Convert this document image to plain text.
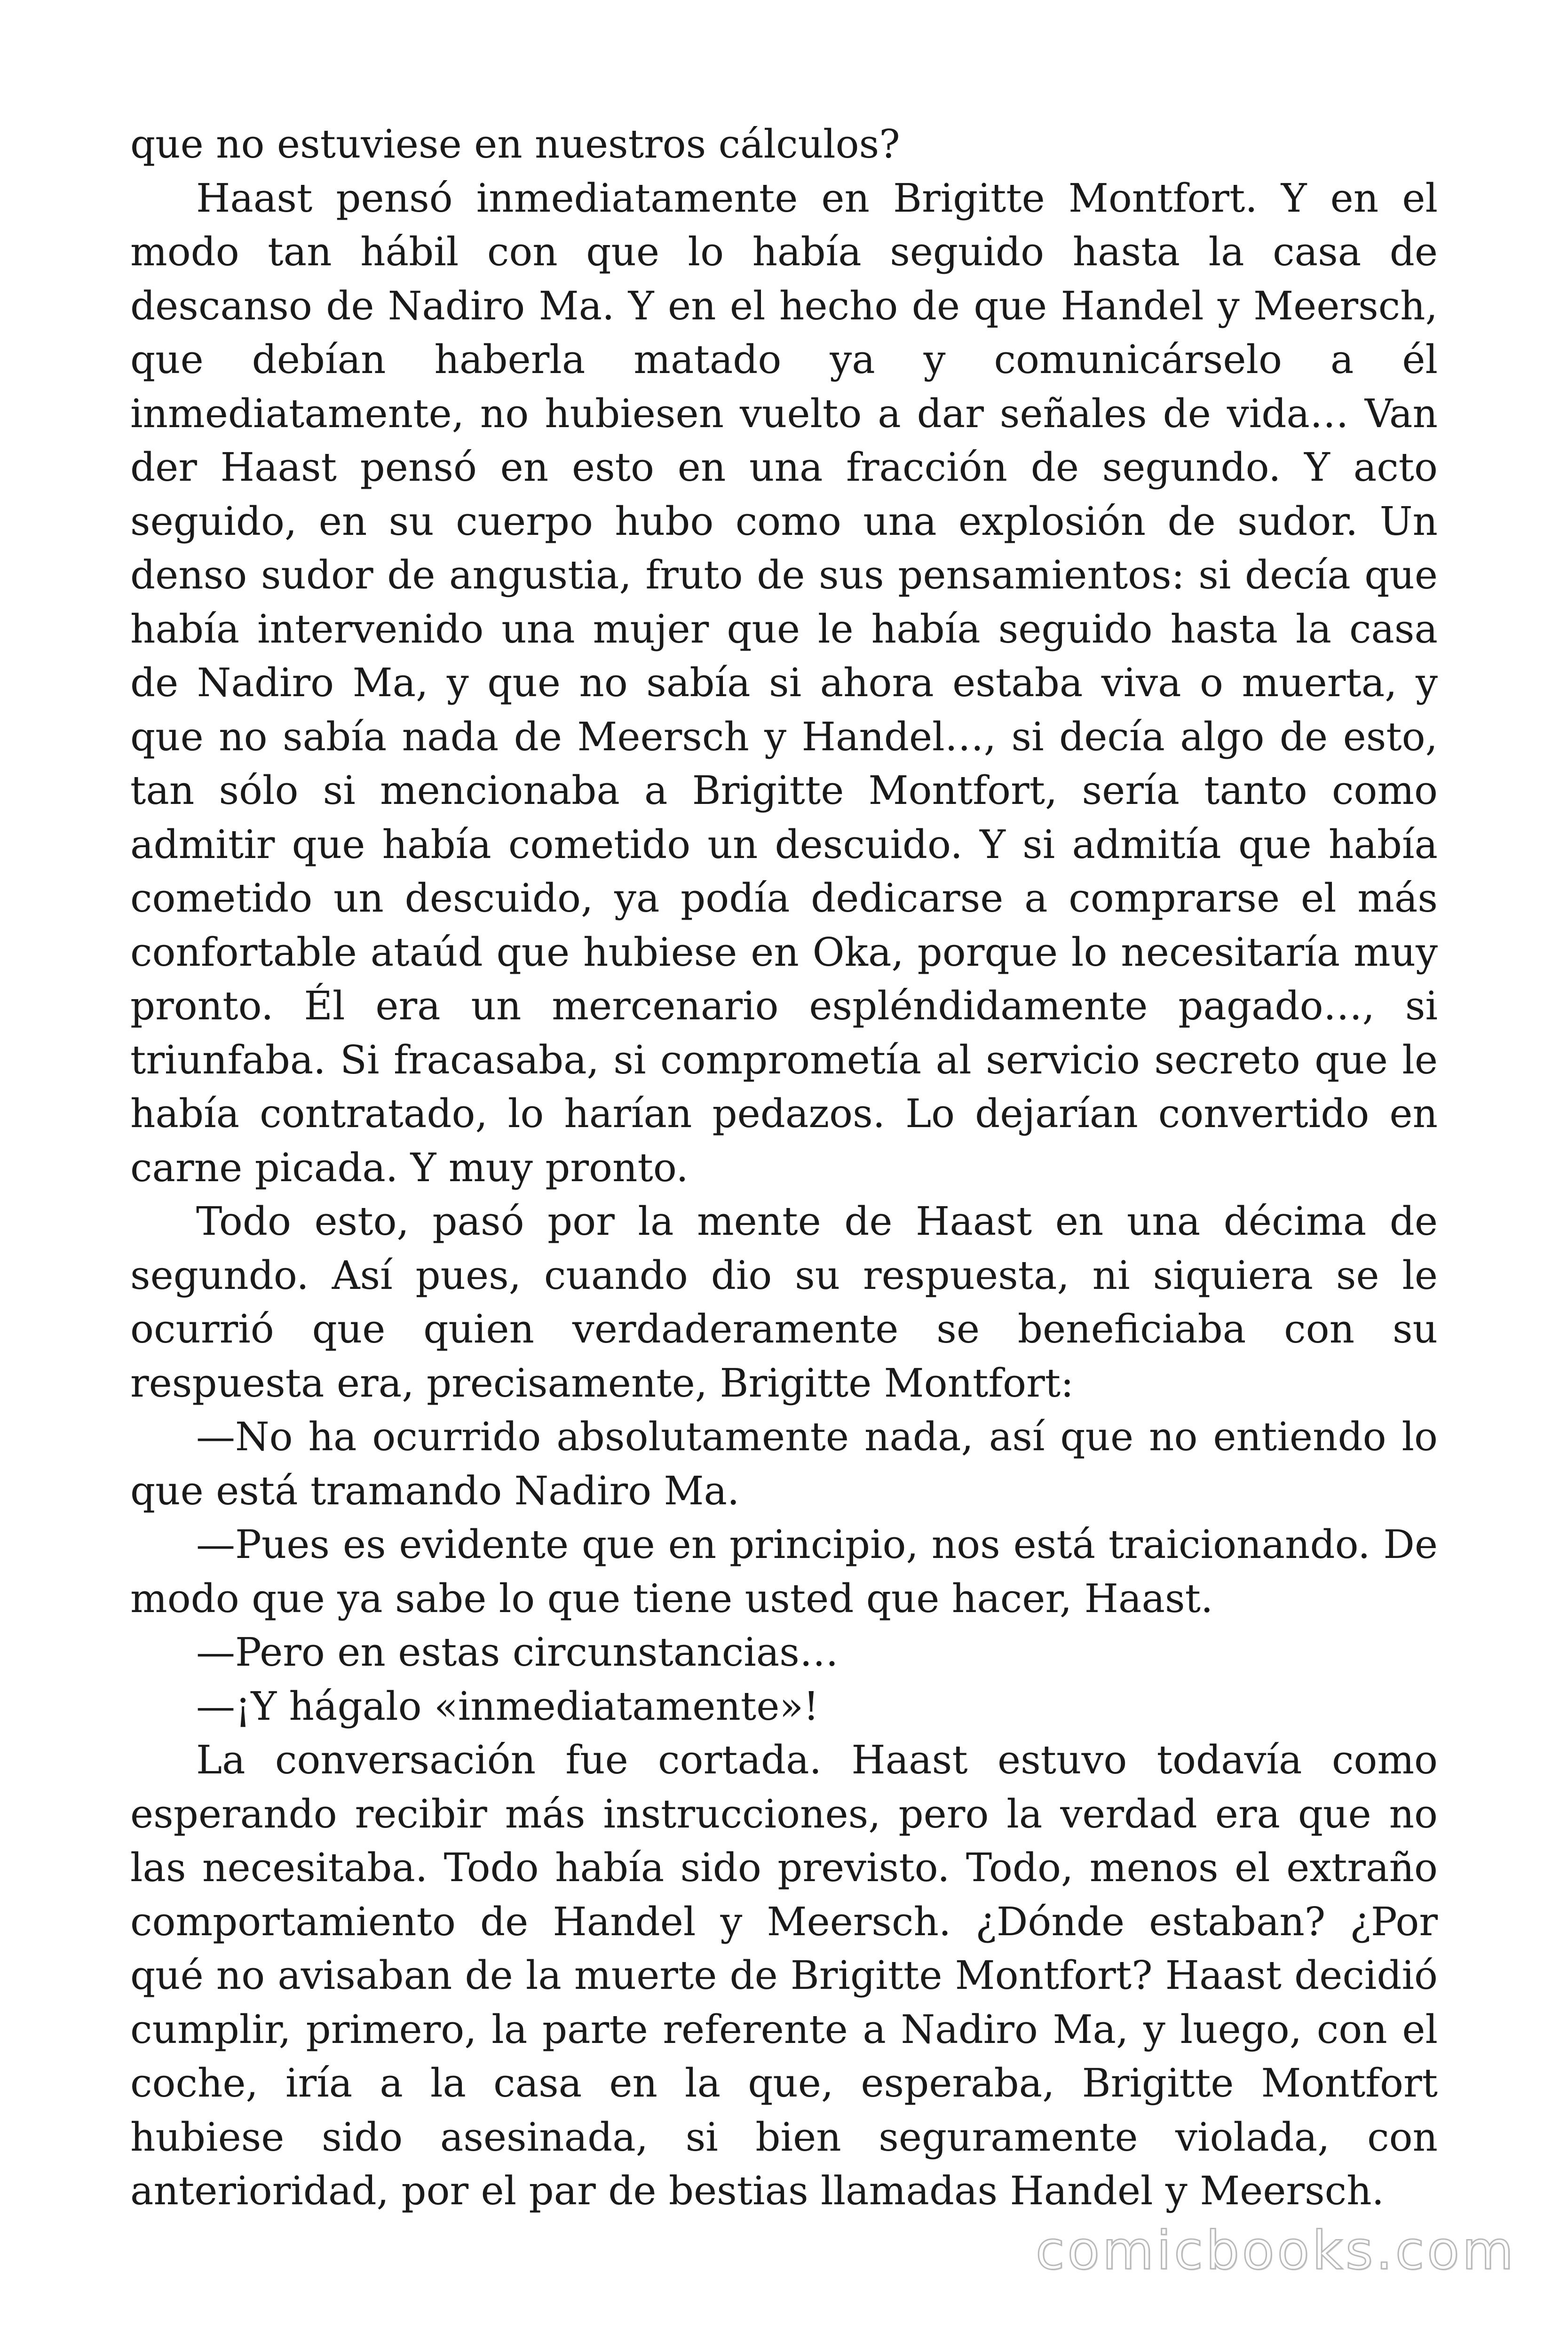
que no estuviese en nuestros cálculos?

Haast pensó inmediatamente en Brigitte Montfort. Y en el modo tan hábil con que lo había seguido hasta la casa de descanso de Nadiro Ma. Y en el hecho de que Handel y Meersch, que debían haberla matado ya y comunicárselo a él inmediatamente, no hubiesen vuelto a dar señales de vida… Van der Haast pensó en esto en una fracción de segundo. Y acto seguido, en su cuerpo hubo como una explosión de sudor. Un denso sudor de angustia, fruto de sus pensamientos: si decía que había intervenido una mujer que le había seguido hasta la casa de Nadiro Ma, y que no sabía si ahora estaba viva o muerta, y que no sabía nada de Meersch y Handel…, si decía algo de esto, tan sólo si mencionaba a Brigitte Montfort, sería tanto como admitir que había cometido un descuido. Y si admitía que había cometido un descuido, ya podía dedicarse a comprarse el más confortable ataúd que hubiese en Oka, porque lo necesitaría muy pronto. Él era un mercenario espléndidamente pagado…, si triunfaba. Si fracasaba, si comprometía al servicio secreto que le había contratado, lo harían pedazos. Lo dejarían convertido en carne picada. Y muy pronto.

Todo esto, pasó por la mente de Haast en una décima de segundo. Así pues, cuando dio su respuesta, ni siquiera se le ocurrió que quien verdaderamente se beneficiaba con su respuesta era, precisamente, Brigitte Montfort:

—No ha ocurrido absolutamente nada, así que no entiendo lo que está tramando Nadiro Ma.

—Pues es evidente que en principio, nos está traicionando. De modo que ya sabe lo que tiene usted que hacer, Haast.

—Pero en estas circunstancias…

—¡Y hágalo «inmediatamente»!

La conversación fue cortada. Haast estuvo todavía como esperando recibir más instrucciones, pero la verdad era que no las necesitaba. Todo había sido previsto. Todo, menos el extraño comportamiento de Handel y Meersch. ¿Dónde estaban? ¿Por qué no avisaban de la muerte de Brigitte Montfort? Haast decidió cumplir, primero, la parte referente a Nadiro Ma, y luego, con el coche, iría a la casa en la que, esperaba, Brigitte Montfort hubiese sido asesinada, si bien seguramente violada, con anterioridad, por el par de bestias llamadas Handel y Meersch.

comicbooks.com
